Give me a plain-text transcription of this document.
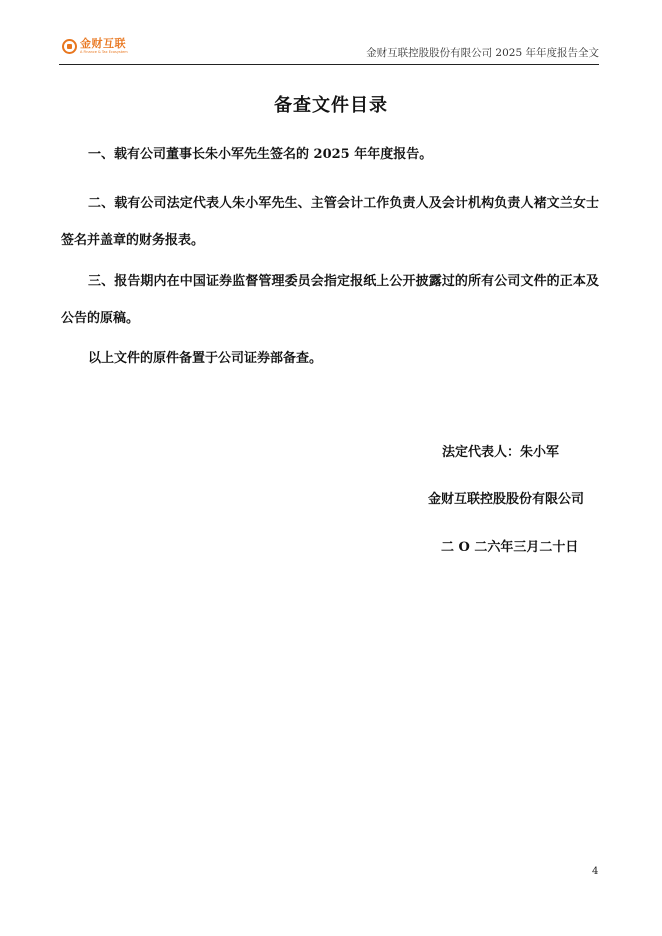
金财互联
A Finance & Tax Ecosystem	金财互联控股股份有限公司 2025 年年度报告全文
备查文件目录
一、载有公司董事长朱小军先生签名的 2025 年年度报告。
二、载有公司法定代表人朱小军先生、主管会计工作负责人及会计机构负责人褚文兰女士签名并盖章的财务报表。
三、报告期内在中国证券监督管理委员会指定报纸上公开披露过的所有公司文件的正本及公告的原稿。
以上文件的原件备置于公司证券部备查。
法定代表人：朱小军
金财互联控股股份有限公司
二 O 二六年三月二十日
4
